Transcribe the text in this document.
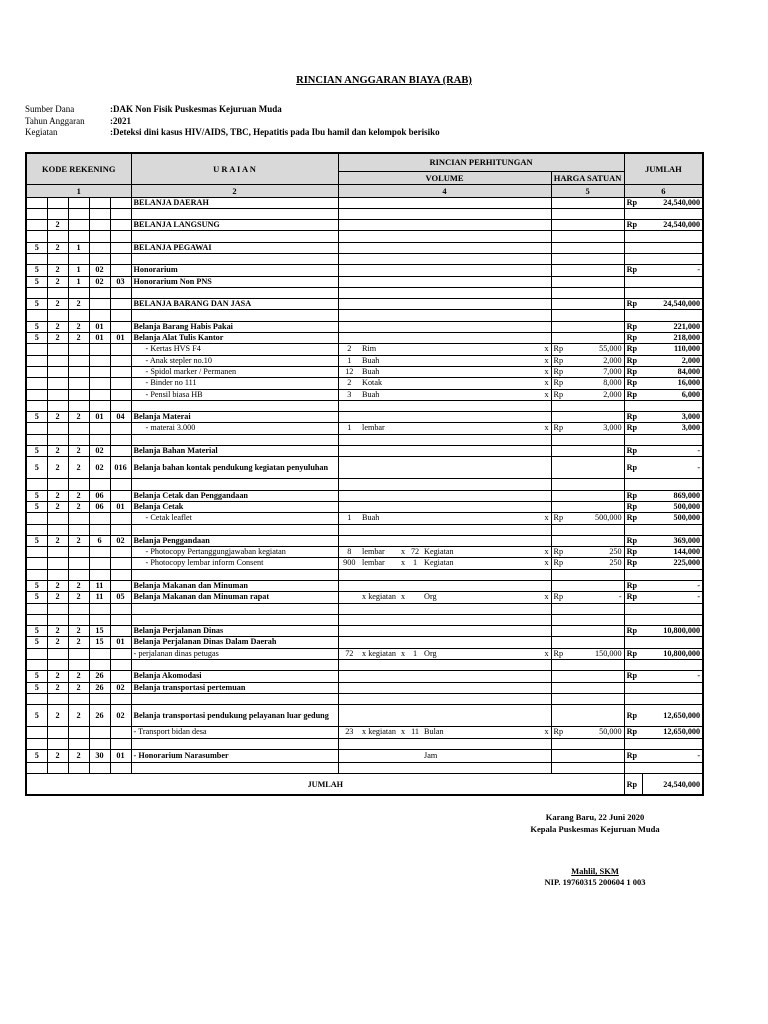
RINCIAN ANGGARAN BIAYA (RAB)
Sumber Dana	:DAK Non Fisik Puskesmas Kejuruan Muda
Tahun Anggaran	:2021
Kegiatan	:Deteksi dini kasus HIV/AIDS, TBC, Hepatitis pada Ibu hamil dan kelompok berisiko
KODE REKENING					U R A I A N	RINCIAN PERHITUNGAN								JUMLAH	
						VOLUME						HARGA SATUAN			
1					2	4						5		6	
					BELANJA DAERAH									Rp	24,540,000

	2				BELANJA LANGSUNG									Rp	24,540,000

5	2	1			BELANJA PEGAWAI										

5	2	1	02		Honorarium									Rp	-
5	2	1	02	03	Honorarium Non PNS										

5	2	2			BELANJA BARANG DAN JASA									Rp	24,540,000

5	2	2	01		Belanja Barang Habis Pakai									Rp	221,000
5	2	2	01	01	Belanja Alat Tulis Kantor									Rp	218,000
					- Kertas HVS F4	2	Rim				x	Rp	55,000	Rp	110,000
					- Anak stepler no.10	1	Buah				x	Rp	2,000	Rp	2,000
					- Spidol marker / Permanen	12	Buah				x	Rp	7,000	Rp	84,000
					- Binder no 111	2	Kotak				x	Rp	8,000	Rp	16,000
					- Pensil biasa HB	3	Buah				x	Rp	2,000	Rp	6,000

5	2	2	01	04	Belanja Materai									Rp	3,000
					- materai 3.000	1	lembar				x	Rp	3,000	Rp	3,000

5	2	2	02		Belanja Bahan Material									Rp	-
5	2	2	02	016	Belanja bahan kontak pendukung kegiatan penyuluhan									Rp	-

5	2	2	06		Belanja Cetak dan Penggandaan									Rp	869,000
5	2	2	06	01	Belanja Cetak									Rp	500,000
					- Cetak leaflet	1	Buah				x	Rp	500,000	Rp	500,000

5	2	2	6	02	Belanja Penggandaan									Rp	369,000
					- Photocopy Pertanggungjawaban kegiatan	8	lembar	x	72	Kegiatan	x	Rp	250	Rp	144,000
					- Photocopy lembar inform Consent	900	lembar	x	1	Kegiatan	x	Rp	250	Rp	225,000

5	2	2	11		Belanja Makanan dan Minuman									Rp	-
5	2	2	11	05	Belanja Makanan dan Minuman rapat		x kegiatan	x		Org	x	Rp	-	Rp	-

5	2	2	15		Belanja Perjalanan Dinas									Rp	10,800,000
5	2	2	15	01	Belanja Perjalanan Dinas Dalam Daerah										
					- perjalanan dinas petugas	72	x kegiatan	x	1	Org	x	Rp	150,000	Rp	10,800,000

5	2	2	26		Belanja Akomodasi									Rp	-
5	2	2	26	02	Belanja transportasi pertemuan										

5	2	2	26	02	Belanja transportasi pendukung pelayanan luar gedung									Rp	12,650,000
					- Transport bidan desa	23	x kegiatan	x	11	Bulan	x	Rp	50,000	Rp	12,650,000

5	2	2	30	01	- Honorarium Narasumber					Jam				Rp	-

JUMLAH														Rp	24,540,000
Karang Baru, 22 Juni 2020
Kepala Puskesmas Kejuruan Muda
Mahlil, SKM
NIP. 19760315 200604 1 003
